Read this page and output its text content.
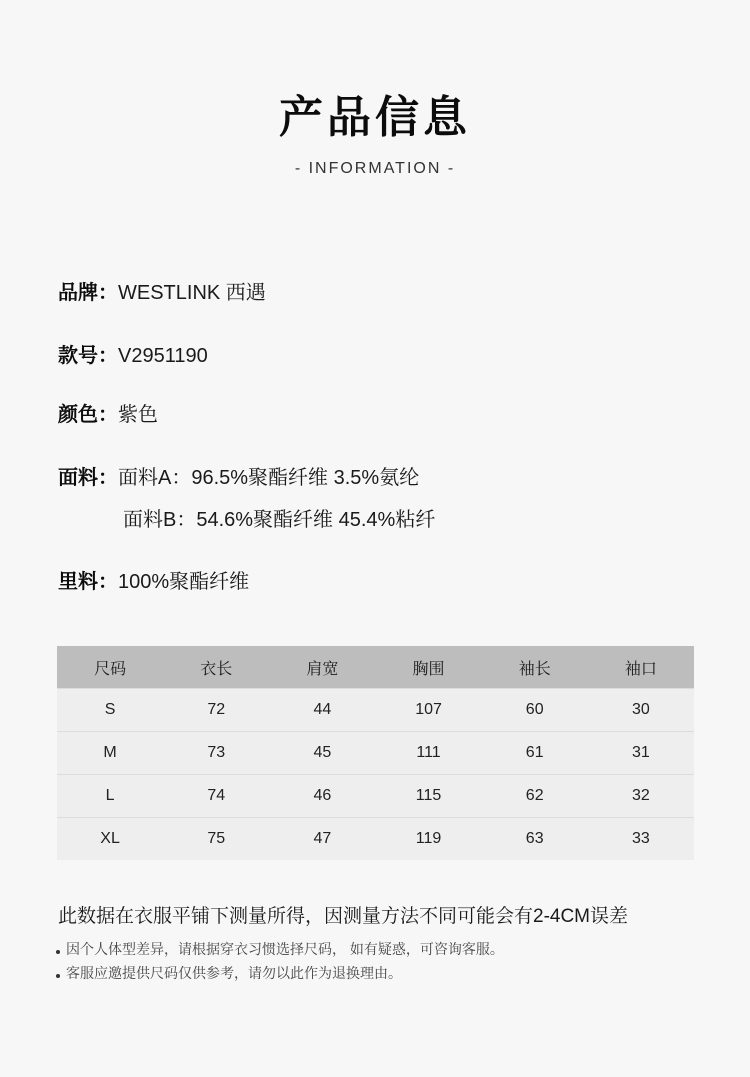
产品信息
- INFORMATION -
品牌：WESTLINK 西遇
款号：V2951190
颜色：紫色
面料：面料A：96.5%聚酯纤维 3.5%氨纶
面料B：54.6%聚酯纤维 45.4%粘纤
里料：100%聚酯纤维
尺码	衣长	肩宽	胸围	袖长	袖口
S	72	44	107	60	30
M	73	45	111	61	31
L	74	46	115	62	32
XL	75	47	119	63	33
此数据在衣服平铺下测量所得，因测量方法不同可能会有2-4CM误差
因个人体型差异，请根据穿衣习惯选择尺码， 如有疑惑，可咨询客服。
客服应邀提供尺码仅供参考，请勿以此作为退换理由。
